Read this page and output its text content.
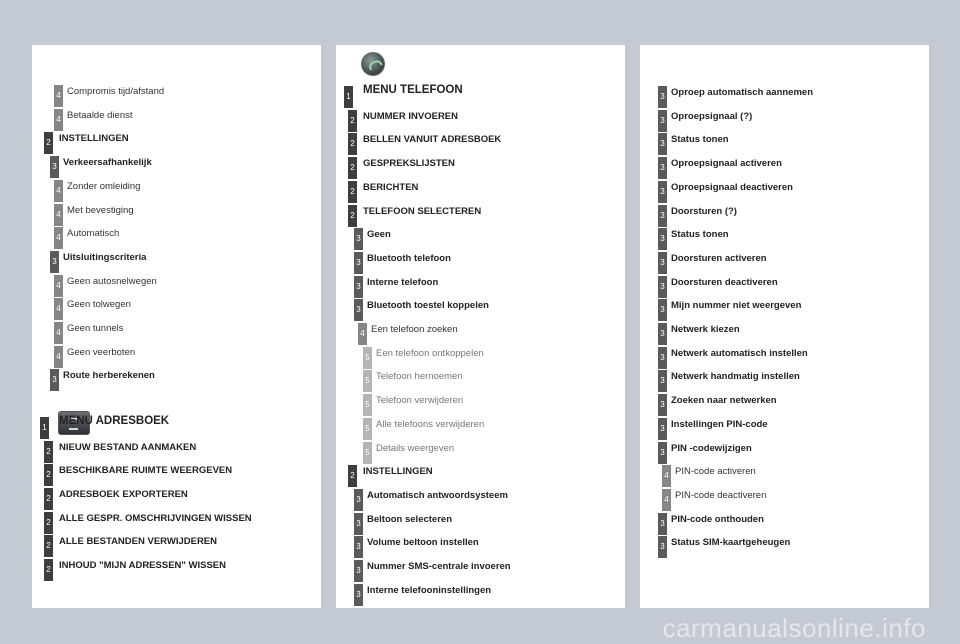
4 Compromis tijd/afstand
4 Betaalde dienst
2 INSTELLINGEN
3 Verkeersafhankelijk
4 Zonder omleiding
4 Met bevestiging
4 Automatisch
3 Uitsluitingscriteria
4 Geen autosnelwegen
4 Geen tolwegen
4 Geen tunnels
4 Geen veerboten
3 Route herberekenen
1
MENU ADRESBOEK
2 NIEUW BESTAND AANMAKEN
2 BESCHIKBARE RUIMTE WEERGEVEN
2 ADRESBOEK EXPORTEREN
2 ALLE GESPR. OMSCHRIJVINGEN WISSEN
2 ALLE BESTANDEN VERWIJDEREN
2 INHOUD "MIJN ADRESSEN" WISSEN
1
MENU TELEFOON
2 NUMMER INVOEREN
2 BELLEN VANUIT ADRESBOEK
2 GESPREKSLIJSTEN
2 BERICHTEN
2 TELEFOON SELECTEREN
3 Geen
3 Bluetooth telefoon
3 Interne telefoon
3 Bluetooth toestel koppelen
4 Een telefoon zoeken
5 Een telefoon ontkoppelen
5 Telefoon hernoemen
5 Telefoon verwijderen
5 Alle telefoons verwijderen
5 Details weergeven
2 INSTELLINGEN
3 Automatisch antwoordsysteem
3 Beltoon selecteren
3 Volume beltoon instellen
3 Nummer SMS-centrale invoeren
3 Interne telefooninstellingen
3 Oproep automatisch aannemen
3 Oproepsignaal (?)
3 Status tonen
3 Oproepsignaal activeren
3 Oproepsignaal deactiveren
3 Doorsturen (?)
3 Status tonen
3 Doorsturen activeren
3 Doorsturen deactiveren
3 Mijn nummer niet weergeven
3 Netwerk kiezen
3 Netwerk automatisch instellen
3 Netwerk handmatig instellen
3 Zoeken naar netwerken
3 Instellingen PIN-code
3 PIN -codewijzigen
4 PIN-code activeren
4 PIN-code deactiveren
3 PIN-code onthouden
3 Status SIM-kaartgeheugen
carmanualsonline.info
